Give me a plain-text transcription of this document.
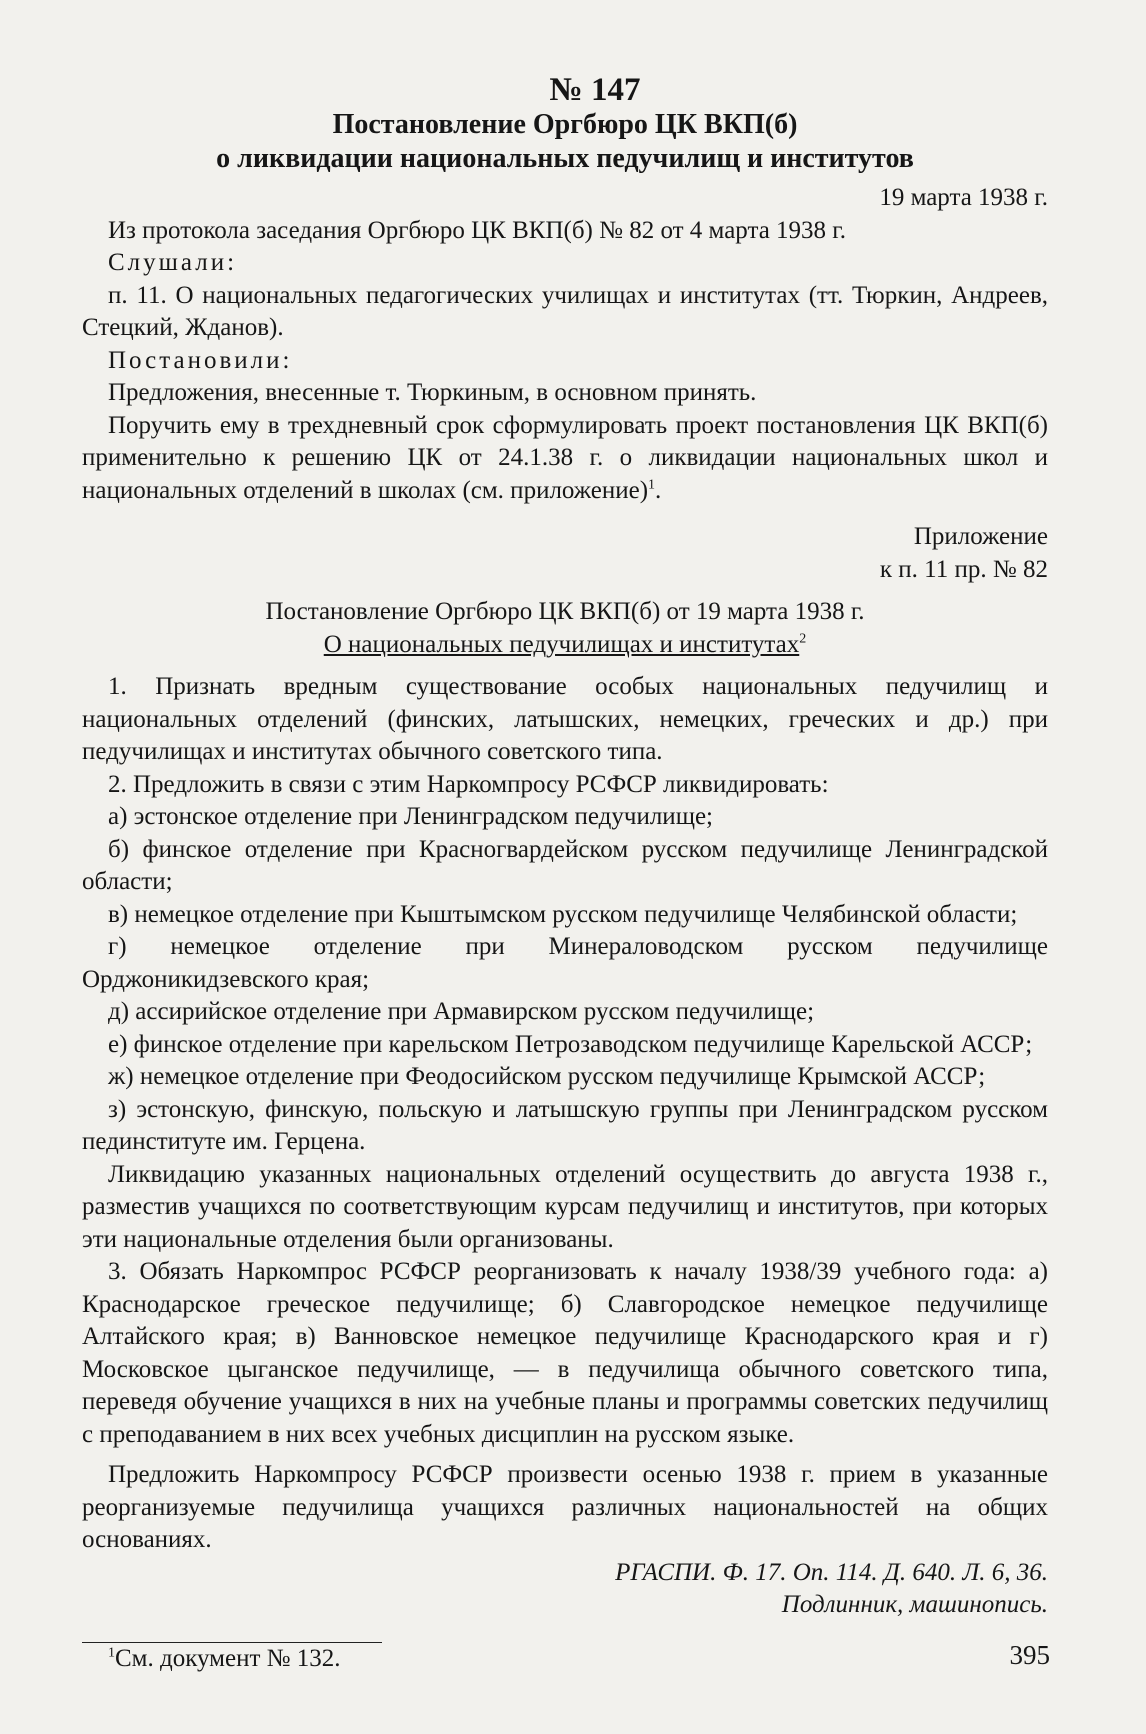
№ 147
Постановление Оргбюро ЦК ВКП(б)
о ликвидации национальных педучилищ и институтов
19 марта 1938 г.

Из протокола заседания Оргбюро ЦК ВКП(б) № 82 от 4 марта 1938 г.

Слушали:

п. 11. О национальных педагогических училищах и институтах (тт. Тюркин, Андреев, Стецкий, Жданов).

Постановили:

Предложения, внесенные т. Тюркиным, в основном принять.

Поручить ему в трехдневный срок сформулировать проект постановления ЦК ВКП(б) применительно к решению ЦК от 24.1.38 г. о ликвидации национальных школ и национальных отделений в школах (см. приложение)$^1$.

Приложение

к п. 11 пр. № 82

Постановление Оргбюро ЦК ВКП(б) от 19 марта 1938 г.

О национальных педучилищах и институтах$^2$

1. Признать вредным существование особых национальных педучилищ и национальных отделений (финских, латышских, немецких, греческих и др.) при педучилищах и институтах обычного советского типа.

2. Предложить в связи с этим Наркомпросу РСФСР ликвидировать:

а) эстонское отделение при Ленинградском педучилище;

б) финское отделение при Красногвардейском русском педучилище Ленинградской области;

в) немецкое отделение при Кыштымском русском педучилище Челябинской области;

г) немецкое отделение при Минераловодском русском педучилище Орджоникидзевского края;

д) ассирийское отделение при Армавирском русском педучилище;

е) финское отделение при карельском Петрозаводском педучилище Карельской АССР;

ж) немецкое отделение при Феодосийском русском педучилище Крымской АССР;

з) эстонскую, финскую, польскую и латышскую группы при Ленинградском русском пединституте им. Герцена.

Ликвидацию указанных национальных отделений осуществить до августа 1938 г., разместив учащихся по соответствующим курсам педучилищ и институтов, при которых эти национальные отделения были организованы.

3. Обязать Наркомпрос РСФСР реорганизовать к началу 1938/39 учебного года: а) Краснодарское греческое педучилище; б) Славгородское немецкое педучилище Алтайского края; в) Ванновское немецкое педучилище Краснодарского края и г) Московское цыганское педучилище, — в педучилища обычного советского типа, переведя обучение учащихся в них на учебные планы и программы советских педучилищ с преподаванием в них всех учебных дисциплин на русском языке.

Предложить Наркомпросу РСФСР произвести осенью 1938 г. прием в указанные реорганизуемые педучилища учащихся различных национальностей на общих основаниях.

РГАСПИ. Ф. 17. Оп. 114. Д. 640. Л. 6, 36.

Подлинник, машинопись.

$^1$См. документ № 132.	395
